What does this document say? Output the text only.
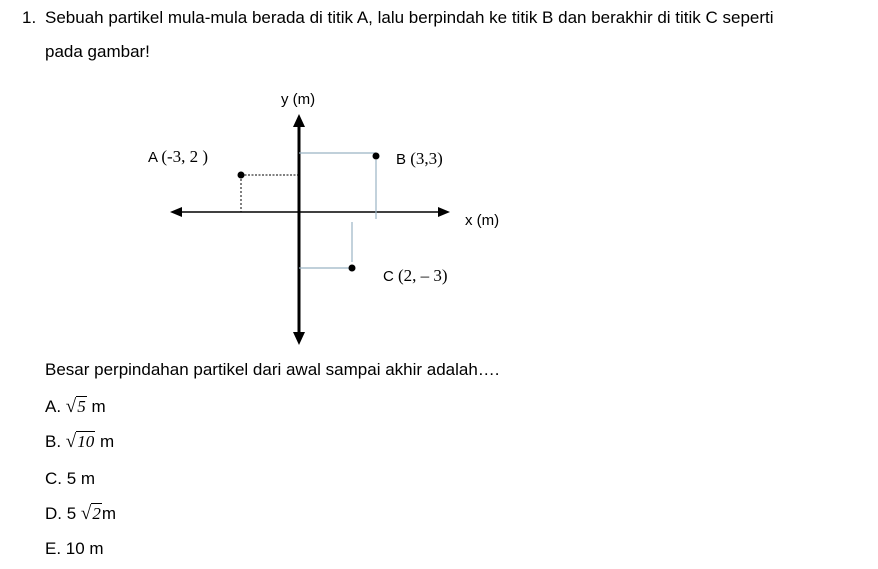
1. Sebuah partikel mula-mula berada di titik A, lalu berpindah ke titik B dan berakhir di titik C seperti
pada gambar!
y (m)
x (m)
A (-3, 2 )	B (3,3)
C (2, – 3)
Besar perpindahan partikel dari awal sampai akhir adalah….
A. √5 m
B. √10 m
C. 5 m
D. 5 √2m
E. 10 m
